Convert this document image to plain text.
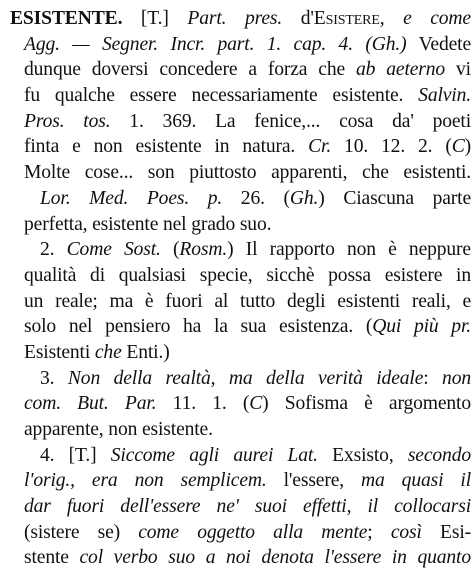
ESISTENTE. [T.] Part. pres. d'Esistere, e come
Agg. — Segner. Incr. part. 1. cap. 4. (Gh.) Vedete
dunque doversi concedere a forza che ab aeterno vi
fu qualche essere necessariamente esistente. Salvin.
Pros. tos. 1. 369. La fenice,... cosa da' poeti
finta e non esistente in natura. Cr. 10. 12. 2. (C)
Molte cose... son piuttosto apparenti, che esistenti.
Lor. Med. Poes. p. 26. (Gh.) Ciascuna parte
perfetta, esistente nel grado suo.
2. Come Sost. (Rosm.) Il rapporto non è neppure
qualità di qualsiasi specie, sicchè possa esistere in
un reale; ma è fuori al tutto degli esistenti reali, e
solo nel pensiero ha la sua esistenza. (Qui più pr.
Esistenti che Enti.)
3. Non della realtà, ma della verità ideale: non
com. But. Par. 11. 1. (C) Sofisma è argomento
apparente, non esistente.
4. [T.] Siccome agli aurei Lat. Exsisto, secondo
l'orig., era non semplicem. l'essere, ma quasi il
dar fuori dell'essere ne' suoi effetti, il collocarsi
(sistere se) come oggetto alla mente; così Esi-
stente col verbo suo a noi denota l'essere in quanto
